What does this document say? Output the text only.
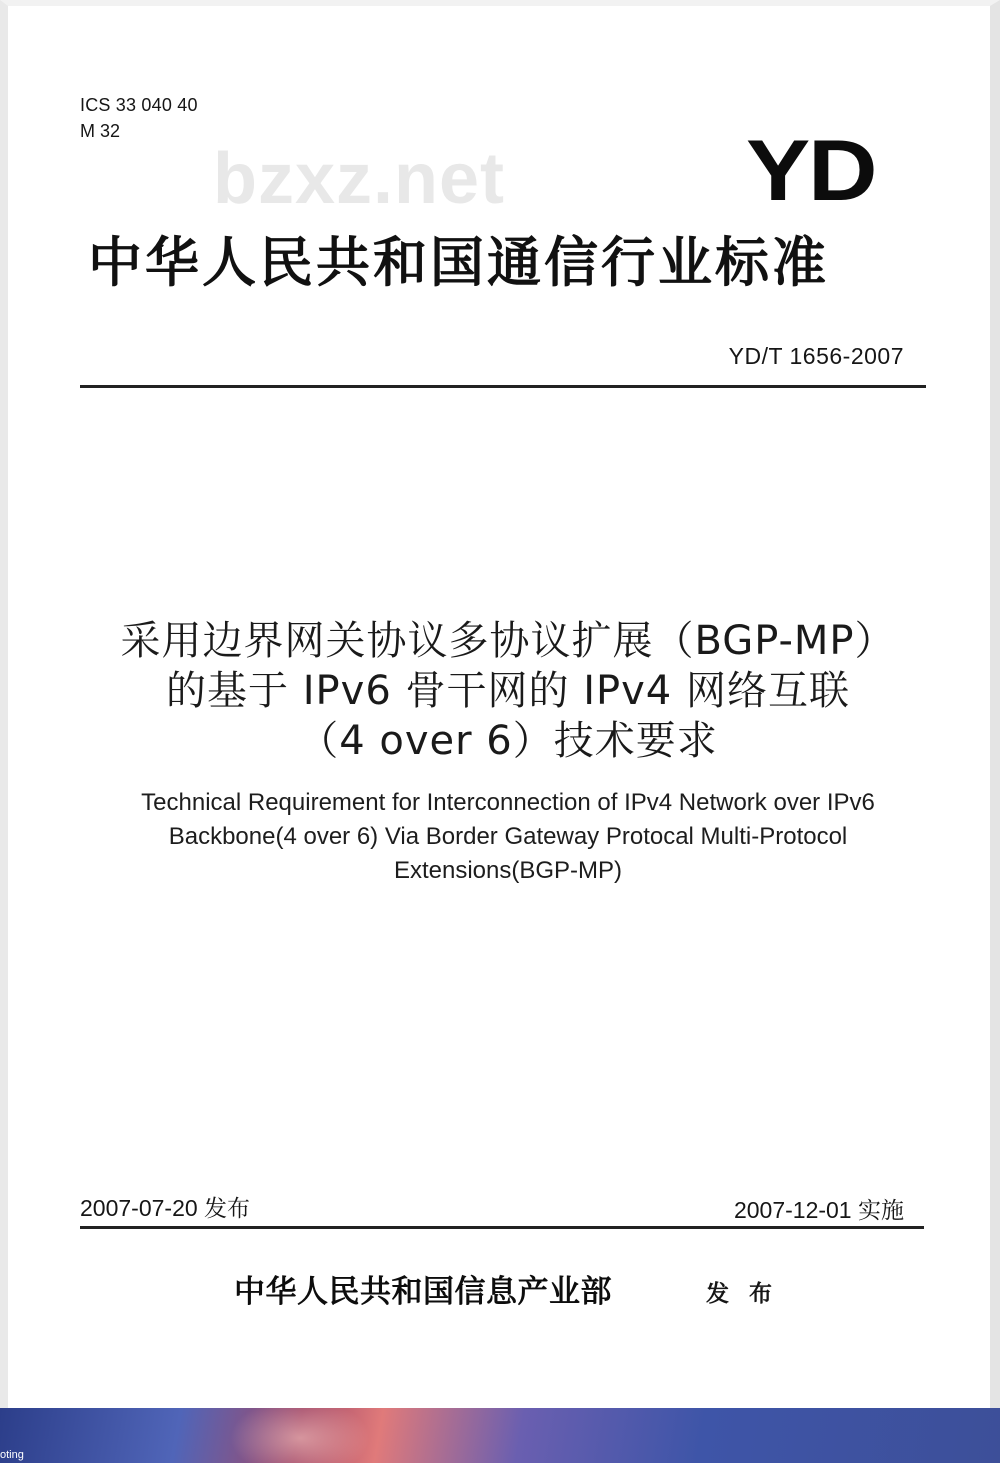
ICS 33 040 40
M 32
bzxz.net	YD
中华人民共和国通信行业标准
YD/T 1656-2007
采用边界网关协议多协议扩展（BGP-MP）
的基于 IPv6 骨干网的 IPv4 网络互联
（4 over 6）技术要求
Technical Requirement for Interconnection of IPv4 Network over IPv6
Backbone(4 over 6) Via Border Gateway Protocal Multi-Protocol
Extensions(BGP-MP)
2007-07-20 发布	2007-12-01 实施
中华人民共和国信息产业部	发 布
oting
